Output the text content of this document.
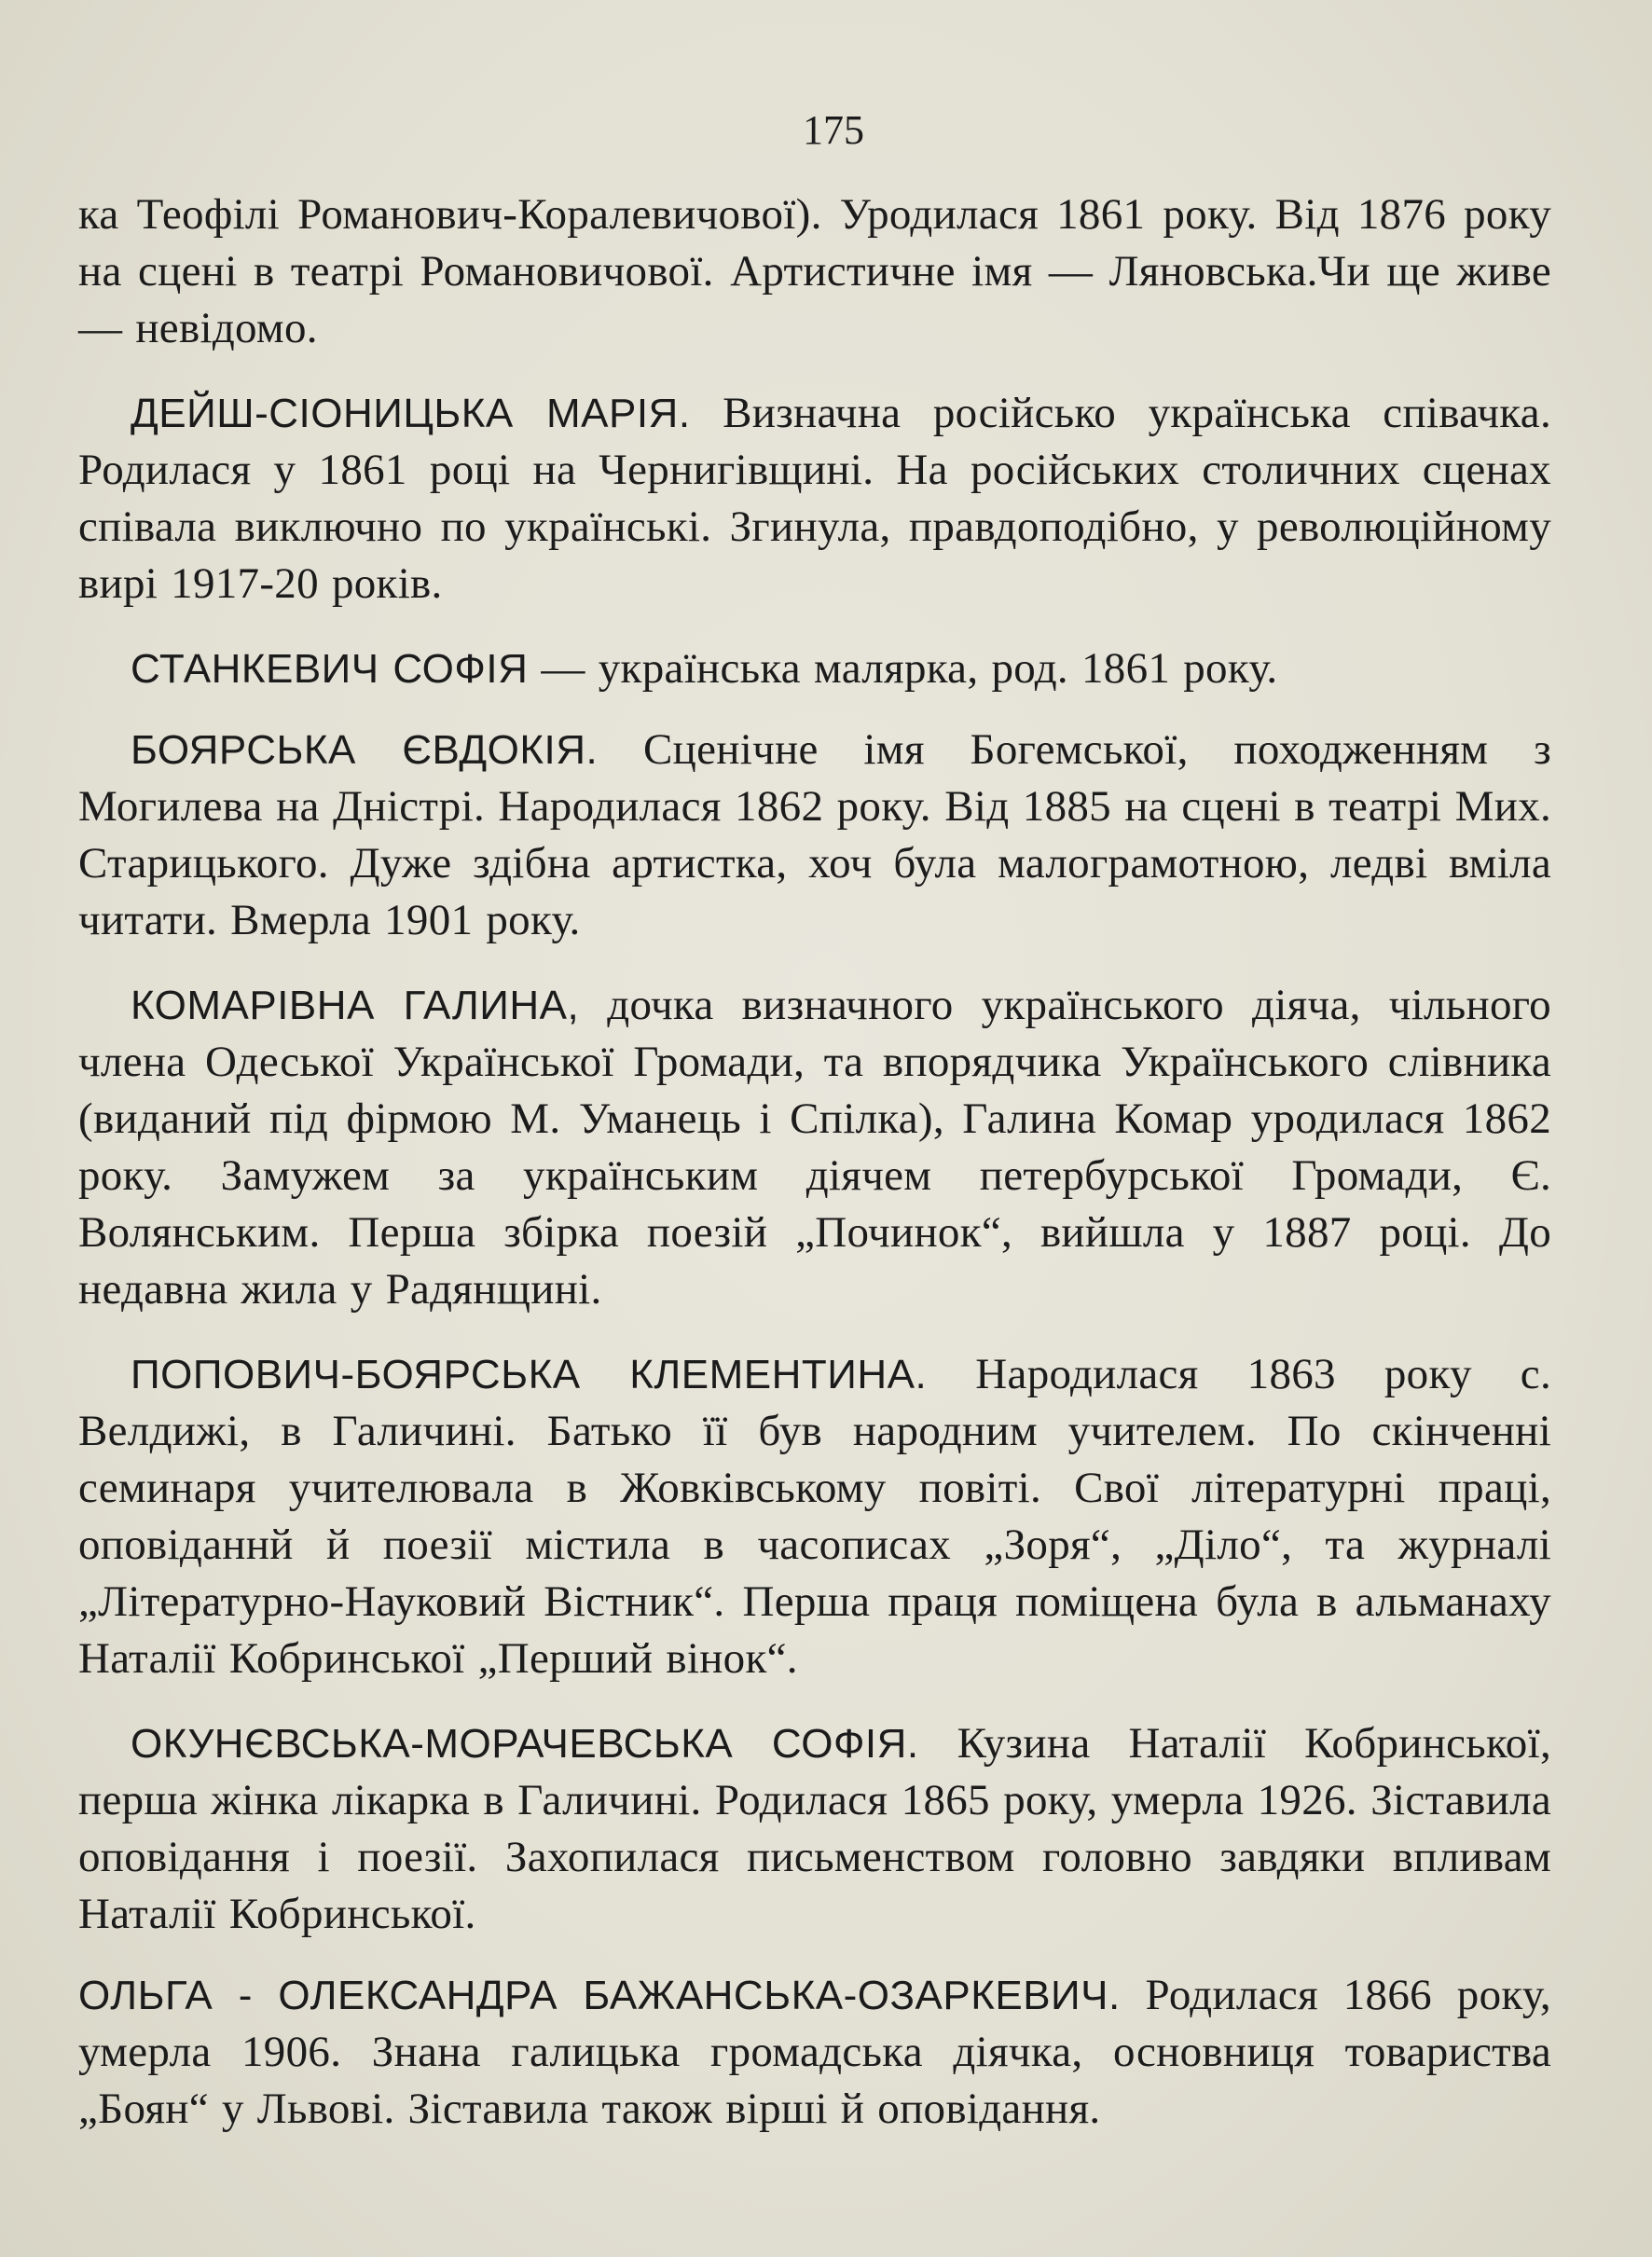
175

ка Теофілі Романович-Коралевичової). Уродилася 1861 року. Від 1876 року на сцені в театрі Романовичової. Артистичне імя — Ляновська.Чи ще живе — невідомо.

ДЕЙШ-СІОНИЦЬКА МАРІЯ. Визначна російсько українська співачка. Родилася у 1861 році на Чернигівщині. На російських столичних сценах співала виключно по українські. Згинула, правдоподібно, у революційному вирі 1917-20 років.

СТАНКЕВИЧ СОФІЯ — українська малярка, род. 1861 року.

БОЯРСЬКА ЄВДОКІЯ. Сценічне імя Богемської, походженням з Могилева на Дністрі. Народилася 1862 року. Від 1885 на сцені в театрі Мих. Старицького. Дуже здібна артистка, хоч була малограмотною, ледві вміла читати. Вмерла 1901 року.

КОМАРІВНА ГАЛИНА, дочка визначного українського діяча, чільного члена Одеської Української Громади, та впорядчика Українського слівника (виданий під фірмою М. Уманець і Спілка), Галина Комар уродилася 1862 року. Замужем за українським діячем петербурської Громади, Є. Волянським. Перша збірка поезій „Починок“, вийшла у 1887 році. До недавна жила у Радянщині.

ПОПОВИЧ-БОЯРСЬКА КЛЕМЕНТИНА. Народилася 1863 року с. Велдижі, в Галичині. Батько її був народним учителем. По скінченні семинаря учителювала в Жовківському повіті. Свої літературні праці, оповіданнй й поезії містила в часописах „Зоря“, „Діло“, та журналі „Літературно-Науковий Вістник“. Перша праця поміщена була в альманаху Наталії Кобринської „Перший вінок“.

ОКУНЄВСЬКА-МОРАЧЕВСЬКА СОФІЯ. Кузина Наталії Кобринської, перша жінка лікарка в Галичині. Родилася 1865 року, умерла 1926. Зіставила оповідання і поезії. Захопилася письменством головно завдяки впливам Наталії Кобринської.

ОЛЬГА - ОЛЕКСАНДРА БАЖАНСЬКА-ОЗАРКЕВИЧ. Родилася 1866 року, умерла 1906. Знана галицька громадська діячка, основниця товариства „Боян“ у Львові. Зіставила також вірші й оповідання.
